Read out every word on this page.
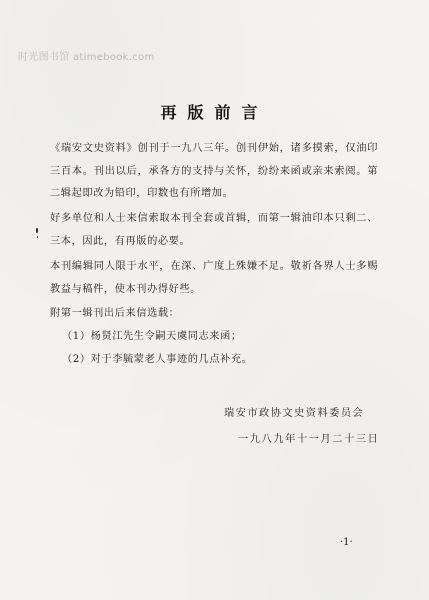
时光图书馆 atimebook.com
再版前言
《瑞安文史资料》创刊于一九八三年。创刊伊始，诸多摸索，仅油印三百本。刊出以后，承各方的支持与关怀，纷纷来函或亲来索阅。第二辑起即改为铅印，印数也有所增加。
好多单位和人士来信索取本刊全套或首辑，而第一辑油印本只剩二、三本，因此，有再版的必要。
本刊编辑同人限于水平，在深、广度上殊嫌不足。敬祈各界人士多赐教益与稿件，使本刊办得好些。
附第一辑刊出后来信选载：
（1）杨贤江先生令嗣天虞同志来函；
（2）对于李毓蒙老人事迹的几点补充。
瑞安市政协文史资料委员会
一九八九年十一月二十三日
·1·
